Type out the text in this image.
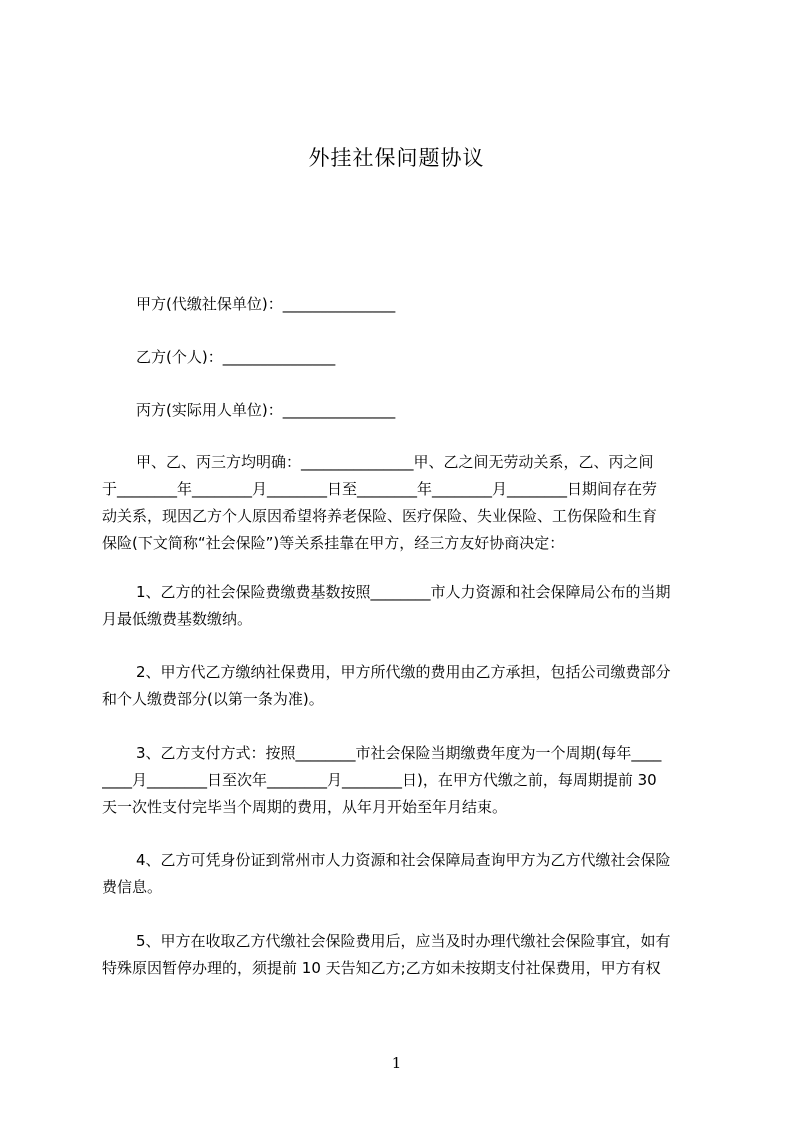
外挂社保问题协议
甲方(代缴社保单位)：_______________
乙方(个人)：_______________
丙方(实际用人单位)：_______________
甲、乙、丙三方均明确：_______________甲、乙之间无劳动关系，乙、丙之间
于________年________月________日至________年________月________日期间存在劳
动关系，现因乙方个人原因希望将养老保险、医疗保险、失业保险、工伤保险和生育
保险(下文简称“社会保险”)等关系挂靠在甲方，经三方友好协商决定：
1、乙方的社会保险费缴费基数按照________市人力资源和社会保障局公布的当期
月最低缴费基数缴纳。
2、甲方代乙方缴纳社保费用，甲方所代缴的费用由乙方承担，包括公司缴费部分
和个人缴费部分(以第一条为准)。
3、乙方支付方式：按照________市社会保险当期缴费年度为一个周期(每年____
____月________日至次年________月________日)，在甲方代缴之前，每周期提前 30
天一次性支付完毕当个周期的费用，从年月开始至年月结束。
4、乙方可凭身份证到常州市人力资源和社会保障局查询甲方为乙方代缴社会保险
费信息。
5、甲方在收取乙方代缴社会保险费用后，应当及时办理代缴社会保险事宜，如有
特殊原因暂停办理的，须提前 10 天告知乙方;乙方如未按期支付社保费用，甲方有权
1
